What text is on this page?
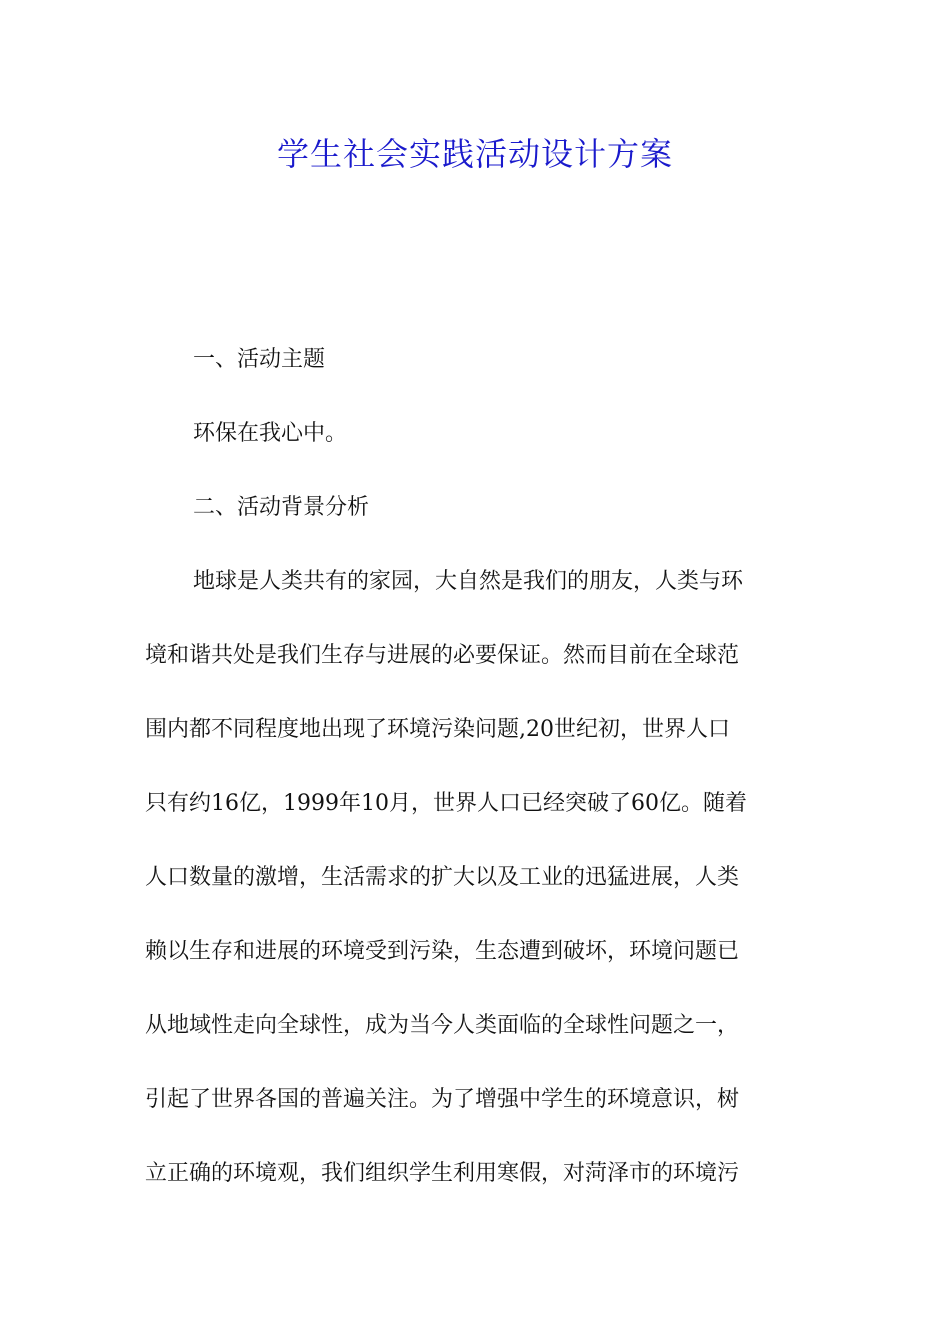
学生社会实践活动设计方案
一、活动主题
环保在我心中。
二、活动背景分析
地球是人类共有的家园，大自然是我们的朋友，人类与环
境和谐共处是我们生存与进展的必要保证。然而目前在全球范
围内都不同程度地出现了环境污染问题,20世纪初，世界人口
只有约16亿，1999年10月，世界人口已经突破了60亿。随着
人口数量的激增，生活需求的扩大以及工业的迅猛进展，人类
赖以生存和进展的环境受到污染，生态遭到破坏，环境问题已
从地域性走向全球性，成为当今人类面临的全球性问题之一，
引起了世界各国的普遍关注。为了增强中学生的环境意识，树
立正确的环境观，我们组织学生利用寒假，对菏泽市的环境污
